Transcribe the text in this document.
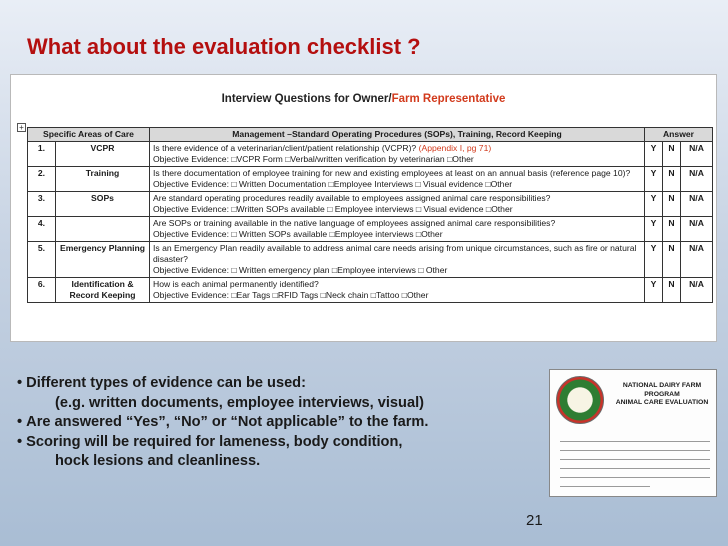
What about the evaluation checklist ?
Interview Questions for Owner/Farm Representative
+
Specific Areas of Care		Management –Standard Operating Procedures (SOPs), Training, Record Keeping	Answer		
1.	VCPR	Is there evidence of a veterinarian/client/patient relationship (VCPR)? (Appendix I, pg 71)
Objective Evidence: □VCPR Form □Verbal/written verification by veterinarian □Other	Y	N	N/A
2.	Training	Is there documentation of employee training for new and existing employees at least on an annual basis (reference page 10)?
Objective Evidence: □ Written Documentation □Employee Interviews □ Visual evidence □Other	Y	N	N/A
3.	SOPs	Are standard operating procedures readily available to employees assigned animal care responsibilities?
Objective Evidence: □Written SOPs available □ Employee interviews □ Visual evidence □Other	Y	N	N/A
4.		Are SOPs or training available in the native language of employees assigned animal care responsibilities?
Objective Evidence: □ Written SOPs available □Employee interviews □Other	Y	N	N/A
5.	Emergency Planning	Is an Emergency Plan readily available to address animal care needs arising from unique circumstances, such as fire or natural disaster?
Objective Evidence: □ Written emergency plan □Employee interviews □ Other	Y	N	N/A
6.	Identification & Record Keeping	How is each animal permanently identified?
Objective Evidence: □Ear Tags □RFID Tags □Neck chain □Tattoo □Other	Y	N	N/A
• Different types of evidence can be used:
(e.g. written documents, employee interviews, visual)
• Are answered “Yes”, “No” or “Not applicable” to the farm.
• Scoring will be required for lameness, body condition,
hock lesions and cleanliness.
NATIONAL DAIRY FARM
PROGRAM
ANIMAL CARE EVALUATION
21
